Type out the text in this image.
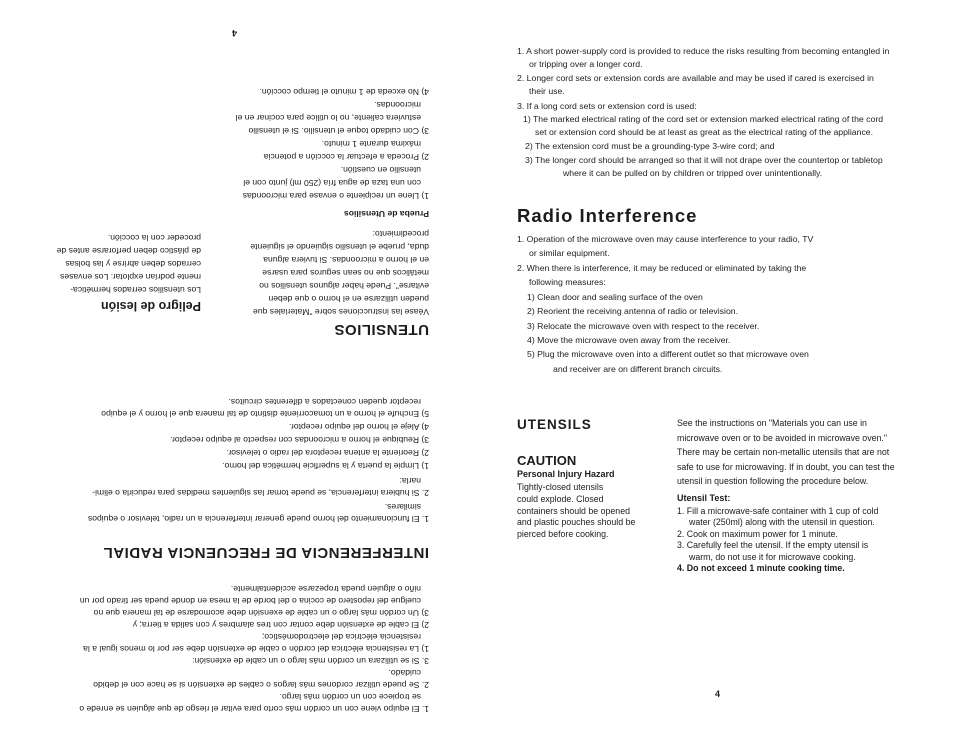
1. El equipo viene con un cordón más corto para evitar el riesgo de que alguien se enrede o
se tropiece con un cordón más largo.
2. Se puede utilizar cordones más largos o cables de extensión si se hace con el debido
cuidado.
3. Si se utilizara un cordón más largo o un cable de extensión:
1) La resistencia eléctrica del cordón o cable de extensión debe ser por lo menos igual a la
resistencia eléctrica del electrodoméstico;
2) El cable de extensión debe contar con tres alambres y con salida a tierra; y
3) Un cordón más largo o un cable de exensión debe acomodarse de tal manera que no
cuelgue del repostero de cocina o del borde de la mesa en donde pueda ser tirado por un
niño o alguien pueda tropezarse accidentalmente.
INTERFERENCIA DE FRECUENCIA RADIAL
1. El funcionamiento del horno puede generar interferencia a un radio, televisor o equipos
similares.
2. Si hubiera interferencia, se puede tomar las siguientes medidas para reducirla o elimi-
narla:
1) Limpie la puerta y la superficie hermética del horno.
2) Reoriente la antena receptora del radio o televisor.
3) Reubique el horno a microondas con respecto al equipo receptor.
4) Aleje el horno del equipo receptor.
5) Enchufe el horno a un tomacorriente distinto de tal manera que el horno y el equipo
receptor queden conectados a diferentes circuitos.
UTENSILIOS
Véase las instrucciones sobre "Materiales que
pueden utilizarse en el horno o que deben
evitarse". Puede haber algunos utensilios no
metálicos que no sean seguros para usarse
en el horno a microondas. Si tuviera alguna
duda, pruebe el utensilio siguiendo el siguiente
procedimiento:
Peligro de lesión
Los utensilios cerrados hermética-
mente podrían explotar. Los envases
cerrados deben abrirse y las bolsas
de plástico deben perforarse antes de
proceder con la cocción.
Prueba de Utensilios
1) Llene un recipiente o envase para microondas
con una taza de agua fría (250 ml) junto con el
utensilio en cuestión.
2) Proceda a efectuar la cocción a potencia
máxima durante 1 minuto.
3) Con cuidado toque el utensilio. Si el utensilio
estuviera caliente, no lo utilice para cocinar en el
microondas.
4) No exceda de 1 minuto el tiempo cocción.
4
1. A short power-supply cord is provided to reduce the risks resulting from becoming entangled in
or tripping over a longer cord.
2. Longer cord sets or extension cords are available and may be used if cared is exercised in
their use.
3. If a long cord sets or extension cord is used:
1) The marked electrical rating of the cord set or extension marked electrical rating of the cord
set or extension cord should be at least as great as the electrical rating of the appliance.
2) The extension cord must be a grounding-type 3-wire cord; and
3) The longer cord should be arranged so that it will not drape over the countertop or tabletop
where it can be pulled on by children or tripped over unintentionally.
Radio Interference
1. Operation of the microwave oven may cause interference to your radio, TV
or similar equipment.
2. When there is interference, it may be reduced or eliminated by taking the
following measures:
1) Clean door and sealing surface of the oven
2) Reorient the receiving antenna of radio or television.
3) Relocate the microwave oven with respect to the receiver.
4) Move the microwave oven away from the receiver.
5) Plug the microwave oven into a different outlet so that microwave oven
and receiver are on different branch circuits.
UTENSILS
CAUTION
Personal Injury Hazard
Tightly-closed utensils
could explode. Closed
containers should be opened
and plastic pouches should be
pierced before cooking.
See the instructions on "Materials you can use in
microwave oven or to be avoided in microwave oven."
There may be certain non-metallic utensils that are not
safe to use for microwaving. If in doubt, you can test the
utensil in question following the procedure below.
Utensil Test:
1. Fill a microwave-safe container with 1 cup of cold
water (250ml) along with the utensil in question.
2. Cook on maximum power for 1 minute.
3. Carefully feel the utensil. If the empty utensil is
warm, do not use it for microwave cooking.
4. Do not exceed 1 minute cooking time.
4
